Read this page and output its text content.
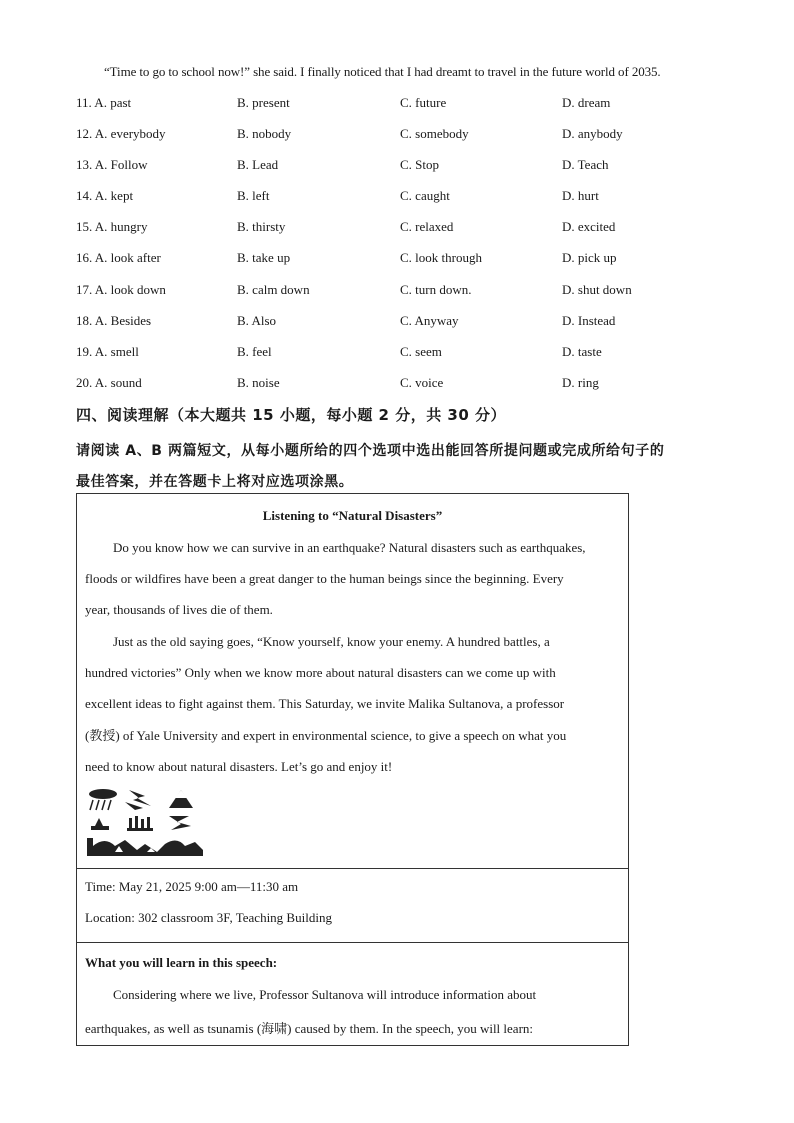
“Time to go to school now!” she said. I finally noticed that I had dreamt to travel in the future world of 2035.
11. A. past	B. present	C. future	D. dream
12. A. everybody	B. nobody	C. somebody	D. anybody
13. A. Follow	B. Lead	C. Stop	D. Teach
14. A. kept	B. left	C. caught	D. hurt
15. A. hungry	B. thirsty	C. relaxed	D. excited
16. A. look after	B. take up	C. look through	D. pick up
17. A. look down	B. calm down	C. turn down.	D. shut down
18. A. Besides	B. Also	C. Anyway	D. Instead
19. A. smell	B. feel	C. seem	D. taste
20. A. sound	B. noise	C. voice	D. ring
四、阅读理解（本大题共 15 小题，每小题 2 分，共 30 分）
请阅读 A、B 两篇短文，从每小题所给的四个选项中选出能回答所提问题或完成所给句子的
最佳答案，并在答题卡上将对应选项涂黑。
Listening to “Natural Disasters”
Do you know how we can survive in an earthquake? Natural disasters such as earthquakes,
floods or wildfires have been a great danger to the human beings since the beginning. Every
year, thousands of lives die of them.
Just as the old saying goes, “Know yourself, know your enemy. A hundred battles, a
hundred victories” Only when we know more about natural disasters can we come up with
excellent ideas to fight against them. This Saturday, we invite Malika Sultanova, a professor
(教授) of Yale University and expert in environmental science, to give a speech on what you
need to know about natural disasters. Let’s go and enjoy it!
Time: May 21, 2025 9:00 am—11:30 am
Location: 302 classroom 3F, Teaching Building
What you will learn in this speech:
Considering where we live, Professor Sultanova will introduce information about
earthquakes, as well as tsunamis (海啸) caused by them. In the speech, you will learn:
